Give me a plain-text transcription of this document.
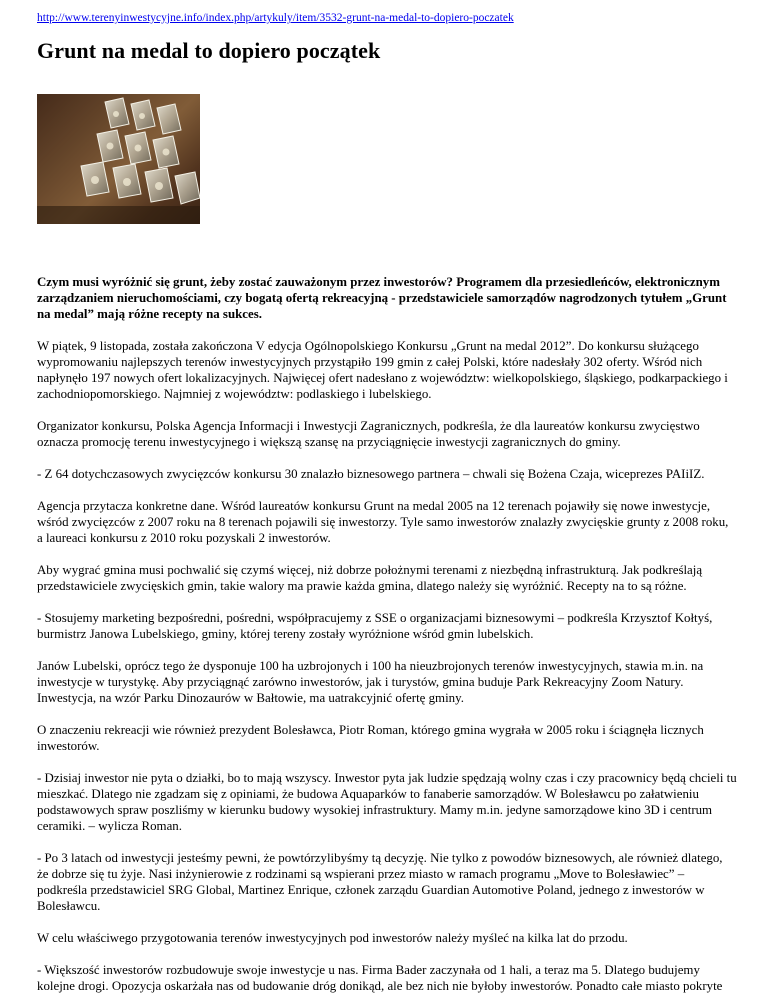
http://www.terenyinwestycyjne.info/index.php/artykuly/item/3532-grunt-na-medal-to-dopiero-poczatek
Grunt na medal to dopiero początek

Czym musi wyróżnić się grunt, żeby zostać zauważonym przez inwestorów? Programem dla przesiedleńców, elektronicznym zarządzaniem nieruchomościami, czy bogatą ofertą rekreacyjną - przedstawiciele samorządów nagrodzonych tytułem „Grunt na medal” mają różne recepty na sukces.

W piątek, 9 listopada, została zakończona V edycja Ogólnopolskiego Konkursu „Grunt na medal 2012”. Do konkursu służącego wypromowaniu najlepszych terenów inwestycyjnych przystąpiło 199 gmin z całej Polski, które nadesłały 302 oferty. Wśród nich napłynęło 197 nowych ofert lokalizacyjnych. Najwięcej ofert nadesłano z województw: wielkopolskiego, śląskiego, podkarpackiego i zachodniopomorskiego. Najmniej z województw: podlaskiego i lubelskiego.

Organizator konkursu, Polska Agencja Informacji i Inwestycji Zagranicznych, podkreśla, że dla laureatów konkursu zwycięstwo oznacza promocję terenu inwestycyjnego i większą szansę na przyciągnięcie inwestycji zagranicznych do gminy.

- Z 64 dotychczasowych zwycięzców konkursu 30 znalazło biznesowego partnera – chwali się Bożena Czaja, wiceprezes PAIiIZ.

Agencja przytacza konkretne dane. Wśród laureatów konkursu Grunt na medal 2005 na 12 terenach pojawiły się nowe inwestycje, wśród zwycięzców z 2007 roku na 8 terenach pojawili się inwestorzy. Tyle samo inwestorów znalazły zwycięskie grunty z 2008 roku, a laureaci konkursu z 2010 roku pozyskali 2 inwestorów.

Aby wygrać gmina musi pochwalić się czymś więcej, niż dobrze położnymi terenami z niezbędną infrastrukturą. Jak podkreślają przedstawiciele zwycięskich gmin, takie walory ma prawie każda gmina, dlatego należy się wyróżnić. Recepty na to są różne.

- Stosujemy marketing bezpośredni, pośredni, współpracujemy z SSE o organizacjami biznesowymi – podkreśla Krzysztof Kołtyś, burmistrz Janowa Lubelskiego, gminy, której tereny zostały wyróżnione wśród gmin lubelskich.

Janów Lubelski, oprócz tego że dysponuje 100 ha uzbrojonych i 100 ha nieuzbrojonych terenów inwestycyjnych, stawia m.in. na inwestycje w turystykę. Aby przyciągnąć zarówno inwestorów, jak i turystów, gmina buduje Park Rekreacyjny Zoom Natury. Inwestycja, na wzór Parku Dinozaurów w Bałtowie, ma uatrakcyjnić ofertę gminy.

O znaczeniu rekreacji wie również prezydent Bolesławca, Piotr Roman, którego gmina wygrała w 2005 roku i ściągnęła licznych inwestorów.

- Dzisiaj inwestor nie pyta o działki, bo to mają wszyscy. Inwestor pyta jak ludzie spędzają wolny czas i czy pracownicy będą chcieli tu mieszkać. Dlatego nie zgadzam się z opiniami, że budowa Aquaparków to fanaberie samorządów. W Bolesławcu po załatwieniu podstawowych spraw poszliśmy w kierunku budowy wysokiej infrastruktury. Mamy m.in. jedyne samorządowe kino 3D i centrum ceramiki. – wylicza Roman.

- Po 3 latach od inwestycji jesteśmy pewni, że powtórzylibyśmy tą decyzję. Nie tylko z powodów biznesowych, ale również dlatego, że dobrze się tu żyje. Nasi inżynierowie z rodzinami są wspierani przez miasto w ramach programu „Move to Bolesławiec” – podkreśla przedstawiciel SRG Global, Martinez Enrique, członek zarządu Guardian Automotive Poland, jednego z inwestorów w Bolesławcu.

W celu właściwego przygotowania terenów inwestycyjnych pod inwestorów należy myśleć na kilka lat do przodu.

- Większość inwestorów rozbudowuje swoje inwestycje u nas. Firma Bader zaczynała od 1 hali, a teraz ma 5. Dlatego budujemy kolejne drogi. Opozycja oskarżała nas od budowanie dróg donikąd, ale bez nich nie byłoby inwestorów. Ponadto całe miasto pokryte
